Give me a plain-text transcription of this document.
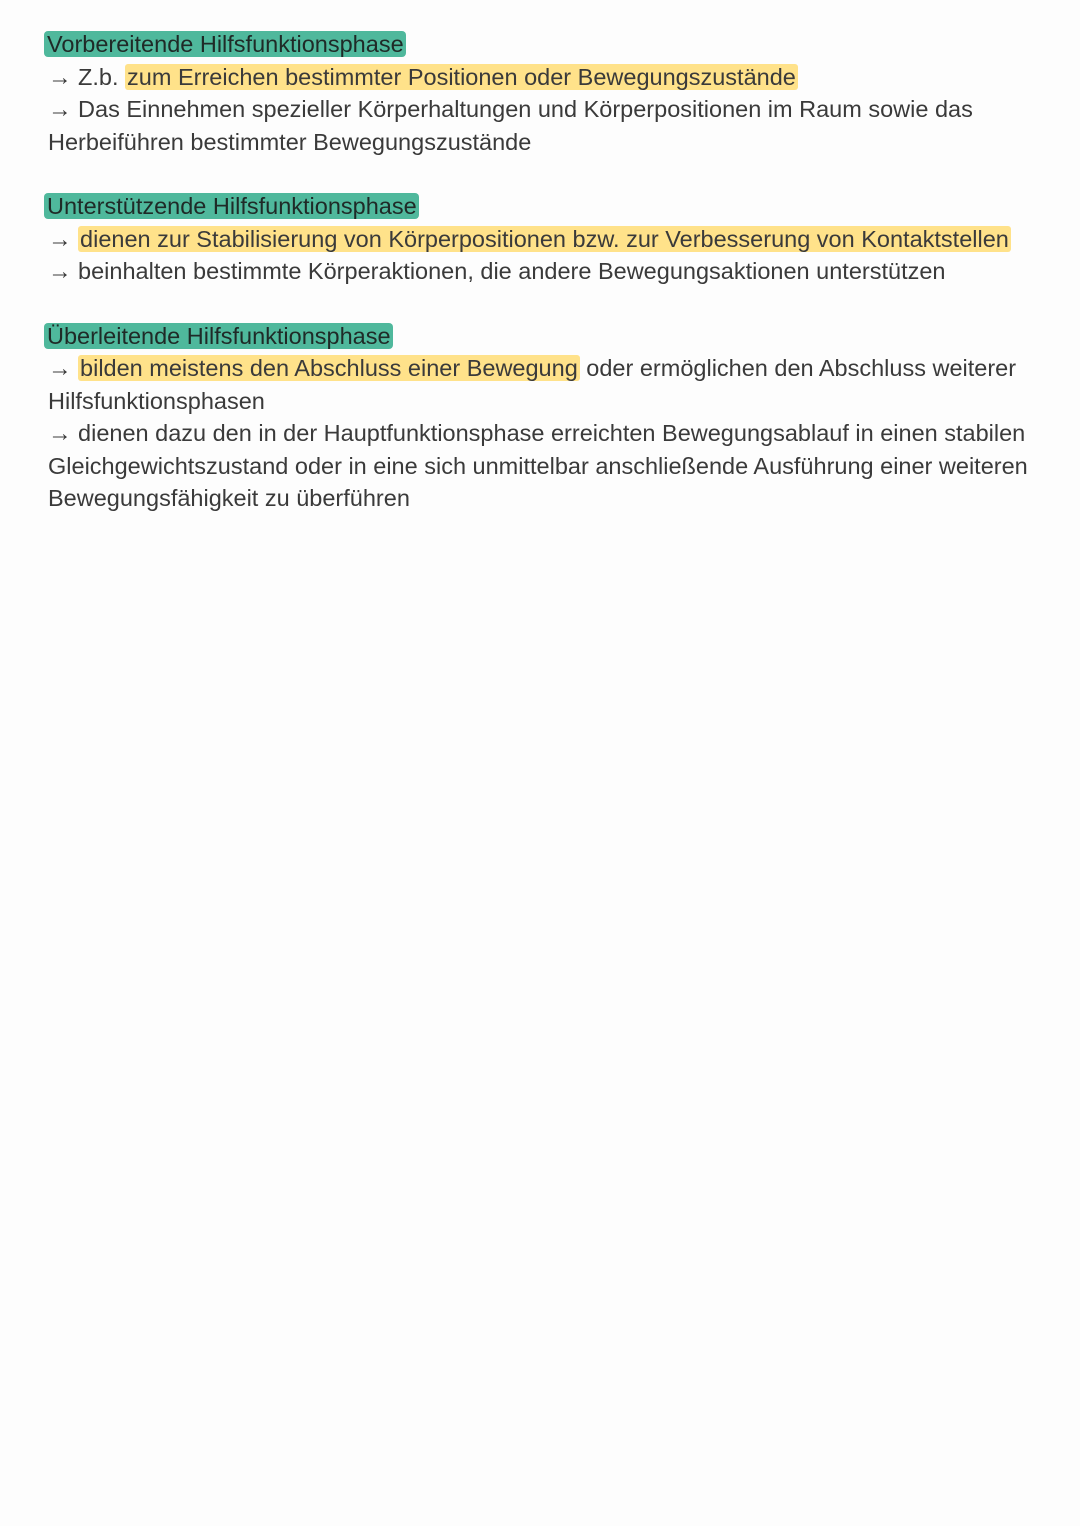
Vorbereitende Hilfsfunktionsphase

→ Z.b. zum Erreichen bestimmter Positionen oder Bewegungszustände

→ Das Einnehmen spezieller Körperhaltungen und Körperpositionen im Raum sowie das Herbeiführen bestimmter Bewegungszustände

Unterstützende Hilfsfunktionsphase

→ dienen zur Stabilisierung von Körperpositionen bzw. zur Verbesserung von Kontaktstellen

→ beinhalten bestimmte Körperaktionen, die andere Bewegungsaktionen unterstützen

Überleitende Hilfsfunktionsphase

→ bilden meistens den Abschluss einer Bewegung oder ermöglichen den Abschluss weiterer Hilfsfunktionsphasen

→ dienen dazu den in der Hauptfunktionsphase erreichten Bewegungsablauf in einen stabilen Gleichgewichtszustand oder in eine sich unmittelbar anschließende Ausführung einer weiteren Bewegungsfähigkeit zu überführen
